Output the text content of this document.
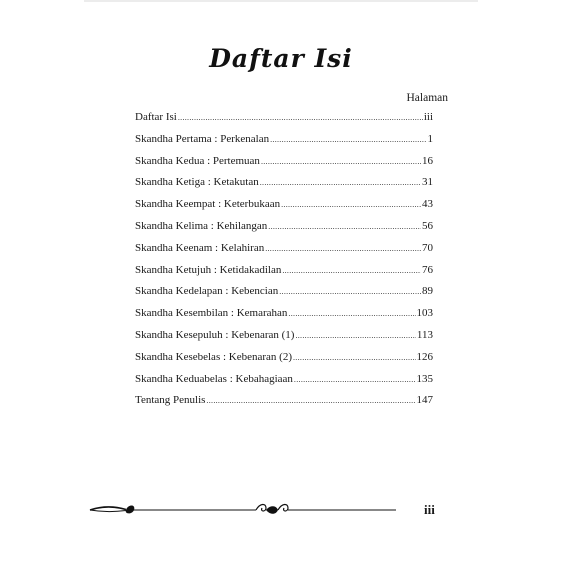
Daftar Isi
Halaman
Daftar Isi .....	iii
Skandha Pertama : Perkenalan .....	1
Skandha Kedua : Pertemuan .....	16
Skandha Ketiga : Ketakutan .....	31
Skandha Keempat : Keterbukaan .....	43
Skandha Kelima : Kehilangan .....	56
Skandha Keenam : Kelahiran .....	70
Skandha Ketujuh : Ketidakadilan .....	76
Skandha Kedelapan : Kebencian .....	89
Skandha Kesembilan : Kemarahan .....	103
Skandha Kesepuluh : Kebenaran (1) .....	113
Skandha Kesebelas : Kebenaran (2) .....	126
Skandha Keduabelas : Kebahagiaan .....	135
Tentang Penulis .....	147
iii
